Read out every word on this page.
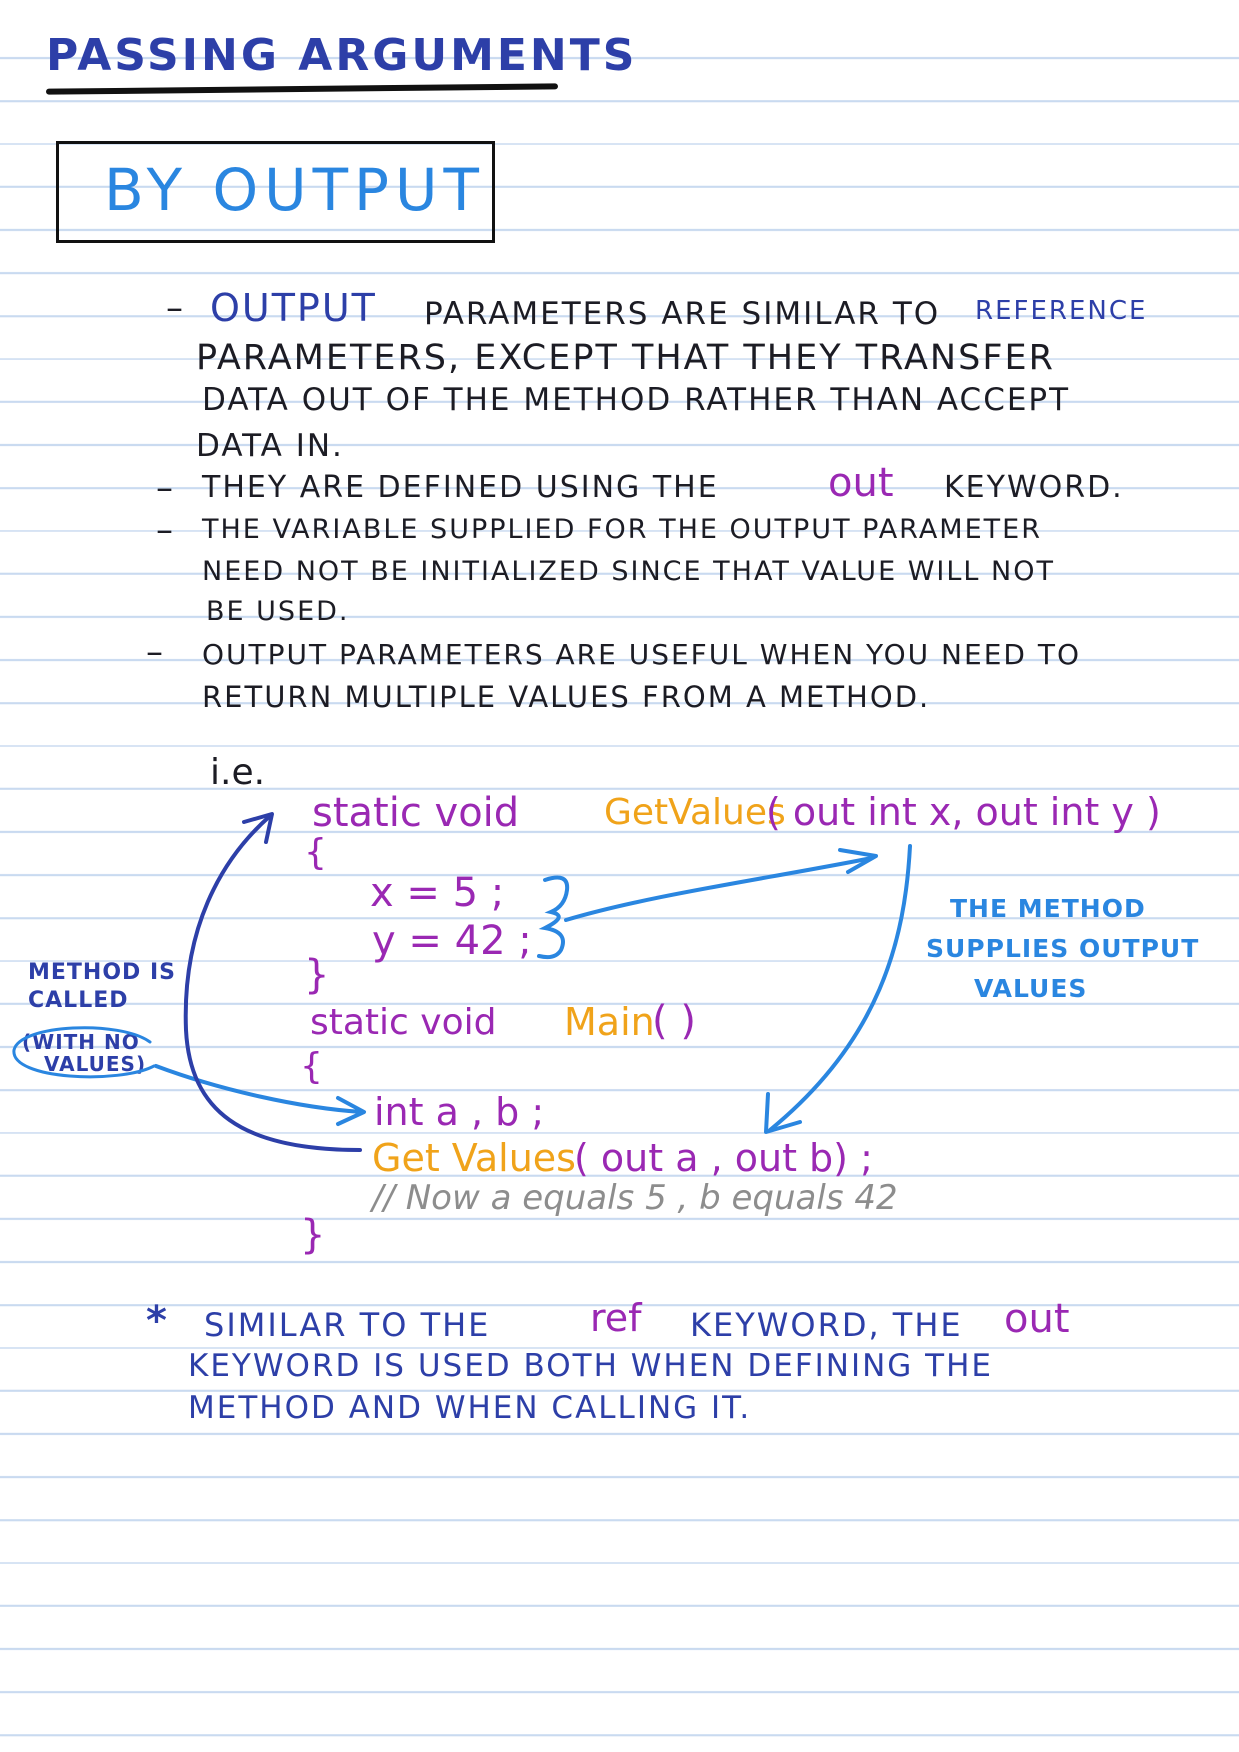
PASSING ARGUMENTS
BY OUTPUT
– OUTPUT PARAMETERS ARE SIMILAR TO REFERENCE
PARAMETERS, EXCEPT THAT THEY TRANSFER
DATA OUT OF THE METHOD RATHER THAN ACCEPT
DATA IN.
– THEY ARE DEFINED USING THE	out KEYWORD.
– THE VARIABLE SUPPLIED FOR THE OUTPUT PARAMETER
NEED NOT BE INITIALIZED SINCE THAT VALUE WILL NOT
BE USED.
– OUTPUT PARAMETERS ARE USEFUL WHEN YOU NEED TO
RETURN MULTIPLE VALUES FROM A METHOD.
i.e.
static void GetValues
( out int x, out int y )
{
x = 5 ;
y = 42 ;
}
static void Main
( )
{
int a , b ;
Get Values
( out a , out b) ;
// Now a equals 5 , b equals 42
}
METHOD IS
CALLED
(WITH NO
VALUES)
THE METHOD
SUPPLIES OUTPUT
VALUES
* SIMILAR TO THE	ref KEYWORD, THE out
KEYWORD IS USED BOTH WHEN DEFINING THE
METHOD AND WHEN CALLING IT.
